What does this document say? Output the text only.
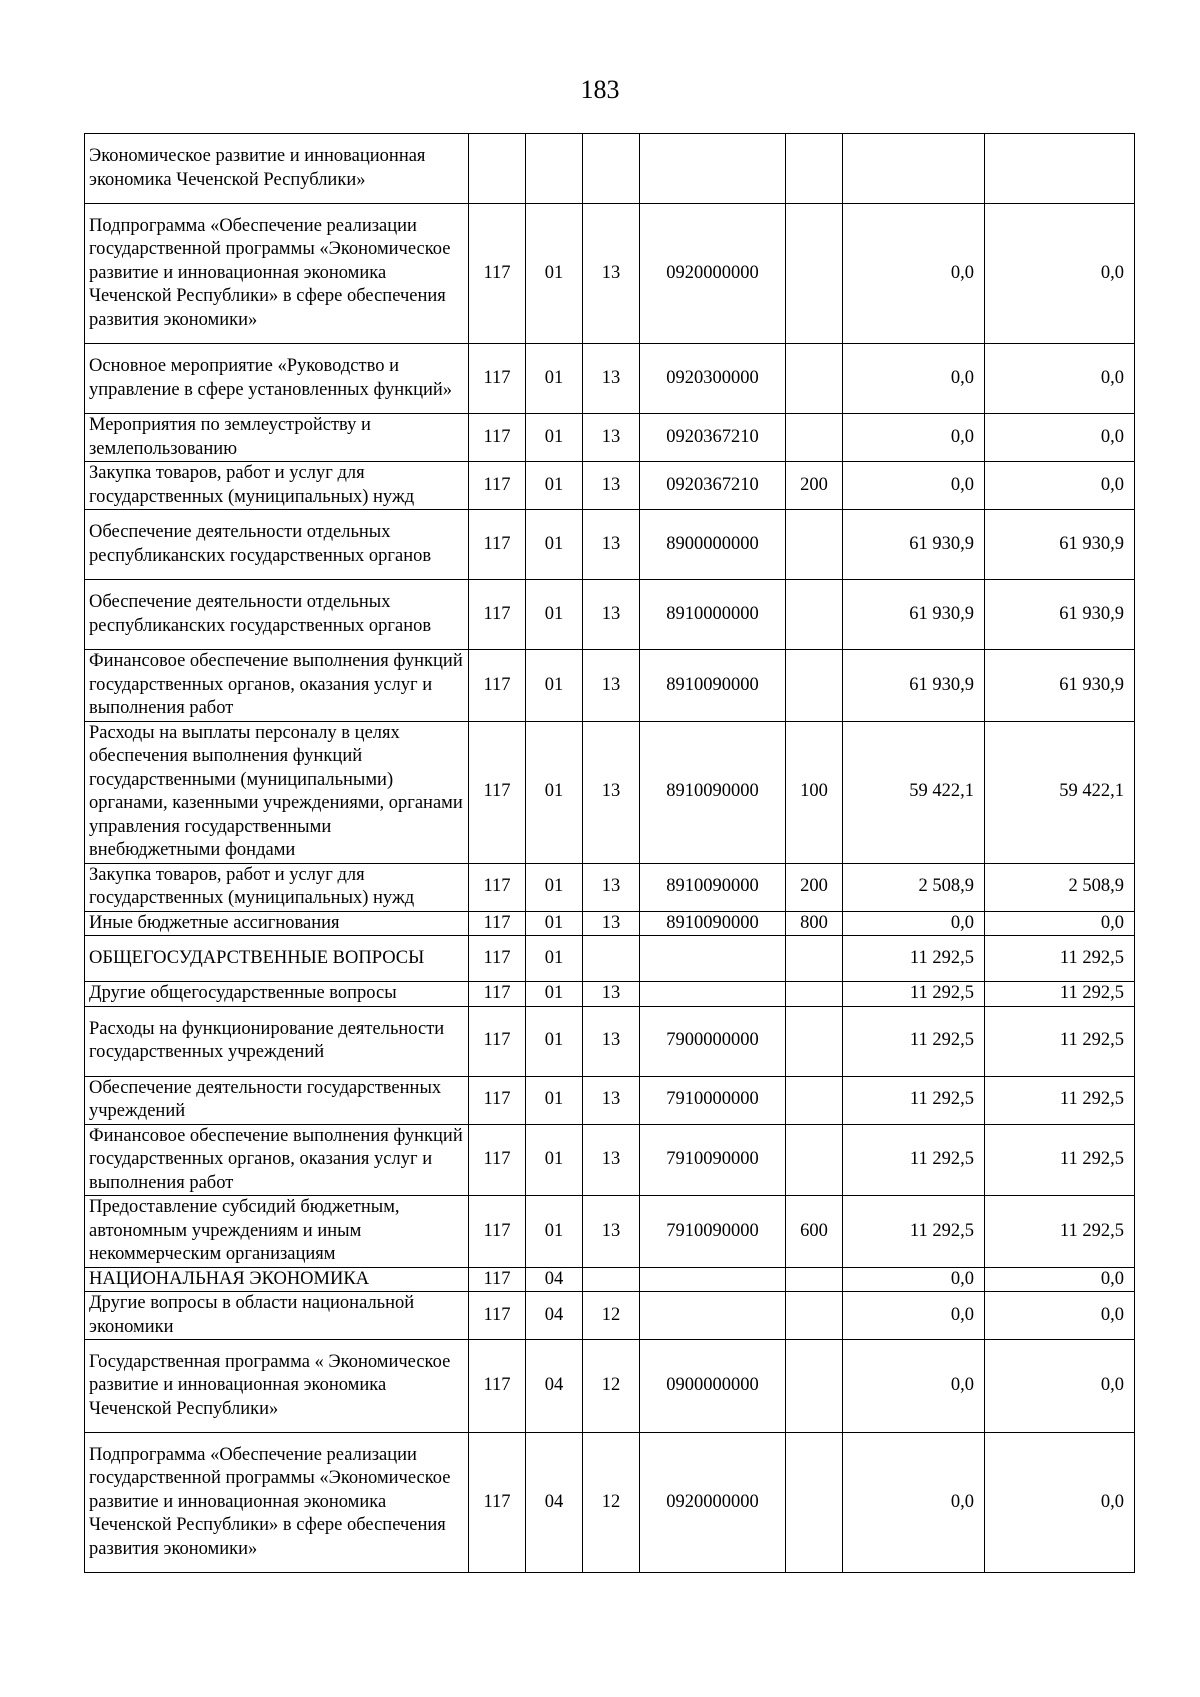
183
Экономическое развитие и инновационная экономика Чеченской Республики»							
Подпрограмма «Обеспечение реализации государственной программы «Экономическое развитие и инновационная экономика Чеченской Республики» в сфере обеспечения развития экономики»	117	01	13	0920000000		0,0	0,0
Основное мероприятие «Руководство и управление в сфере установленных функций»	117	01	13	0920300000		0,0	0,0
Мероприятия по землеустройству и землепользованию	117	01	13	0920367210		0,0	0,0
Закупка товаров, работ и услуг для государственных (муниципальных) нужд	117	01	13	0920367210	200	0,0	0,0
Обеспечение деятельности отдельных республиканских государственных органов	117	01	13	8900000000		61 930,9	61 930,9
Обеспечение деятельности отдельных республиканских государственных органов	117	01	13	8910000000		61 930,9	61 930,9
Финансовое обеспечение выполнения функций государственных органов, оказания услуг и выполнения работ	117	01	13	8910090000		61 930,9	61 930,9
Расходы на выплаты персоналу в целях обеспечения выполнения функций государственными (муниципальными) органами, казенными учреждениями, органами управления государственными внебюджетными фондами	117	01	13	8910090000	100	59 422,1	59 422,1
Закупка товаров, работ и услуг для государственных (муниципальных) нужд	117	01	13	8910090000	200	2 508,9	2 508,9
Иные бюджетные ассигнования	117	01	13	8910090000	800	0,0	0,0
ОБЩЕГОСУДАРСТВЕННЫЕ ВОПРОСЫ	117	01				11 292,5	11 292,5
Другие общегосударственные вопросы	117	01	13			11 292,5	11 292,5
Расходы на функционирование деятельности государственных учреждений	117	01	13	7900000000		11 292,5	11 292,5
Обеспечение деятельности государственных учреждений	117	01	13	7910000000		11 292,5	11 292,5
Финансовое обеспечение выполнения функций государственных органов, оказания услуг и выполнения работ	117	01	13	7910090000		11 292,5	11 292,5
Предоставление субсидий бюджетным, автономным учреждениям и иным некоммерческим организациям	117	01	13	7910090000	600	11 292,5	11 292,5
НАЦИОНАЛЬНАЯ ЭКОНОМИКА	117	04				0,0	0,0
Другие вопросы в области национальной экономики	117	04	12			0,0	0,0
Государственная программа « Экономическое развитие и инновационная экономика Чеченской Республики»	117	04	12	0900000000		0,0	0,0
Подпрограмма «Обеспечение реализации государственной программы «Экономическое развитие и инновационная экономика Чеченской Республики» в сфере обеспечения развития экономики»	117	04	12	0920000000		0,0	0,0
